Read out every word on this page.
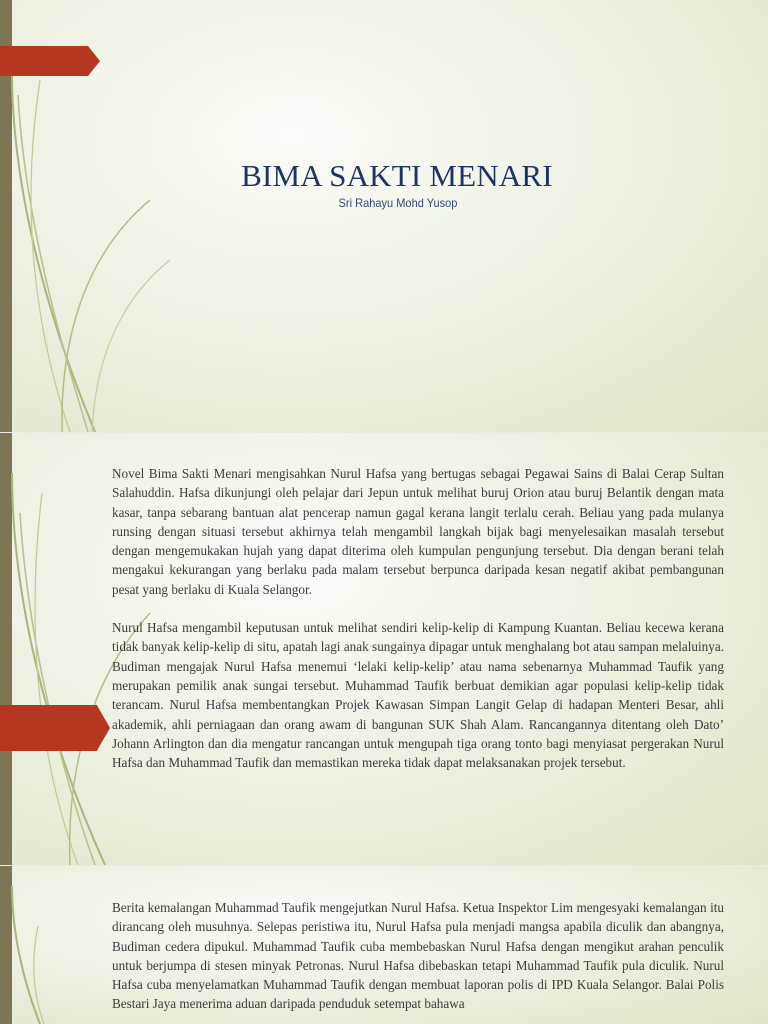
BIMA SAKTI MENARI
Sri Rahayu Mohd Yusop

Novel Bima Sakti Menari mengisahkan Nurul Hafsa yang bertugas sebagai Pegawai Sains di Balai Cerap Sultan Salahuddin. Hafsa dikunjungi oleh pelajar dari Jepun untuk melihat buruj Orion atau buruj Belantik dengan mata kasar, tanpa sebarang bantuan alat pencerap namun gagal kerana langit terlalu cerah. Beliau yang pada mulanya runsing dengan situasi tersebut akhirnya telah mengambil langkah bijak bagi menyelesaikan masalah tersebut dengan mengemukakan hujah yang dapat diterima oleh kumpulan pengunjung tersebut. Dia dengan berani telah mengakui kekurangan yang berlaku pada malam tersebut berpunca daripada kesan negatif akibat pembangunan pesat yang berlaku di Kuala Selangor.

Nurul Hafsa mengambil keputusan untuk melihat sendiri kelip-kelip di Kampung Kuantan. Beliau kecewa kerana tidak banyak kelip-kelip di situ, apatah lagi anak sungainya dipagar untuk menghalang bot atau sampan melaluinya. Budiman mengajak Nurul Hafsa menemui ‘lelaki kelip-kelip’ atau nama sebenarnya Muhammad Taufik yang merupakan pemilik anak sungai tersebut. Muhammad Taufik berbuat demikian agar populasi kelip-kelip tidak terancam. Nurul Hafsa membentangkan Projek Kawasan Simpan Langit Gelap di hadapan Menteri Besar, ahli akademik, ahli perniagaan dan orang awam di bangunan SUK Shah Alam. Rancangannya ditentang oleh Dato’ Johann Arlington dan dia mengatur rancangan untuk mengupah tiga orang tonto bagi menyiasat pergerakan Nurul Hafsa dan Muhammad Taufik dan memastikan mereka tidak dapat melaksanakan projek tersebut.

Berita kemalangan Muhammad Taufik mengejutkan Nurul Hafsa. Ketua Inspektor Lim mengesyaki kemalangan itu dirancang oleh musuhnya. Selepas peristiwa itu, Nurul Hafsa pula menjadi mangsa apabila diculik dan abangnya, Budiman cedera dipukul. Muhammad Taufik cuba membebaskan Nurul Hafsa dengan mengikut arahan penculik untuk berjumpa di stesen minyak Petronas. Nurul Hafsa dibebaskan tetapi Muhammad Taufik pula diculik. Nurul Hafsa cuba menyelamatkan Muhammad Taufik dengan membuat laporan polis di IPD Kuala Selangor. Balai Polis Bestari Jaya menerima aduan daripada penduduk setempat bahawa
